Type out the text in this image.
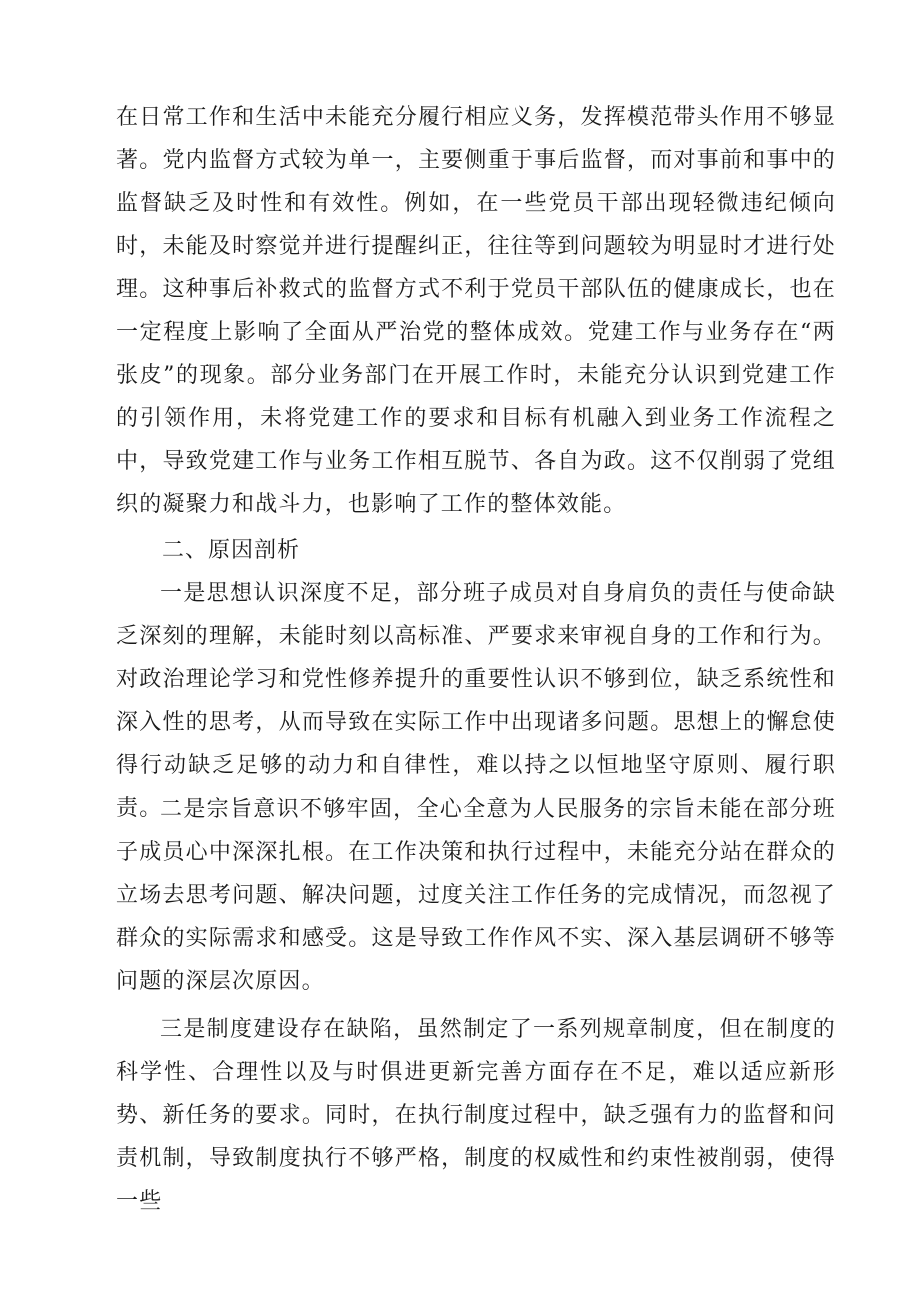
在日常工作和生活中未能充分履行相应义务，发挥模范带头作用不够显著。党内监督方式较为单一，主要侧重于事后监督，而对事前和事中的监督缺乏及时性和有效性。例如，在一些党员干部出现轻微违纪倾向时，未能及时察觉并进行提醒纠正，往往等到问题较为明显时才进行处理。这种事后补救式的监督方式不利于党员干部队伍的健康成长，也在一定程度上影响了全面从严治党的整体成效。党建工作与业务存在“两张皮”的现象。部分业务部门在开展工作时，未能充分认识到党建工作的引领作用，未将党建工作的要求和目标有机融入到业务工作流程之中，导致党建工作与业务工作相互脱节、各自为政。这不仅削弱了党组织的凝聚力和战斗力，也影响了工作的整体效能。

二、原因剖析

一是思想认识深度不足，部分班子成员对自身肩负的责任与使命缺乏深刻的理解，未能时刻以高标准、严要求来审视自身的工作和行为。对政治理论学习和党性修养提升的重要性认识不够到位，缺乏系统性和深入性的思考，从而导致在实际工作中出现诸多问题。思想上的懈怠使得行动缺乏足够的动力和自律性，难以持之以恒地坚守原则、履行职责。

二是宗旨意识不够牢固，全心全意为人民服务的宗旨未能在部分班子成员心中深深扎根。在工作决策和执行过程中，未能充分站在群众的立场去思考问题、解决问题，过度关注工作任务的完成情况，而忽视了群众的实际需求和感受。这是导致工作作风不实、深入基层调研不够等问题的深层次原因。

三是制度建设存在缺陷，虽然制定了一系列规章制度，但在制度的科学性、合理性以及与时俱进更新完善方面存在不足，难以适应新形势、新任务的要求。同时，在执行制度过程中，缺乏强有力的监督和问责机制，导致制度执行不够严格，制度的权威性和约束性被削弱，使得一些
